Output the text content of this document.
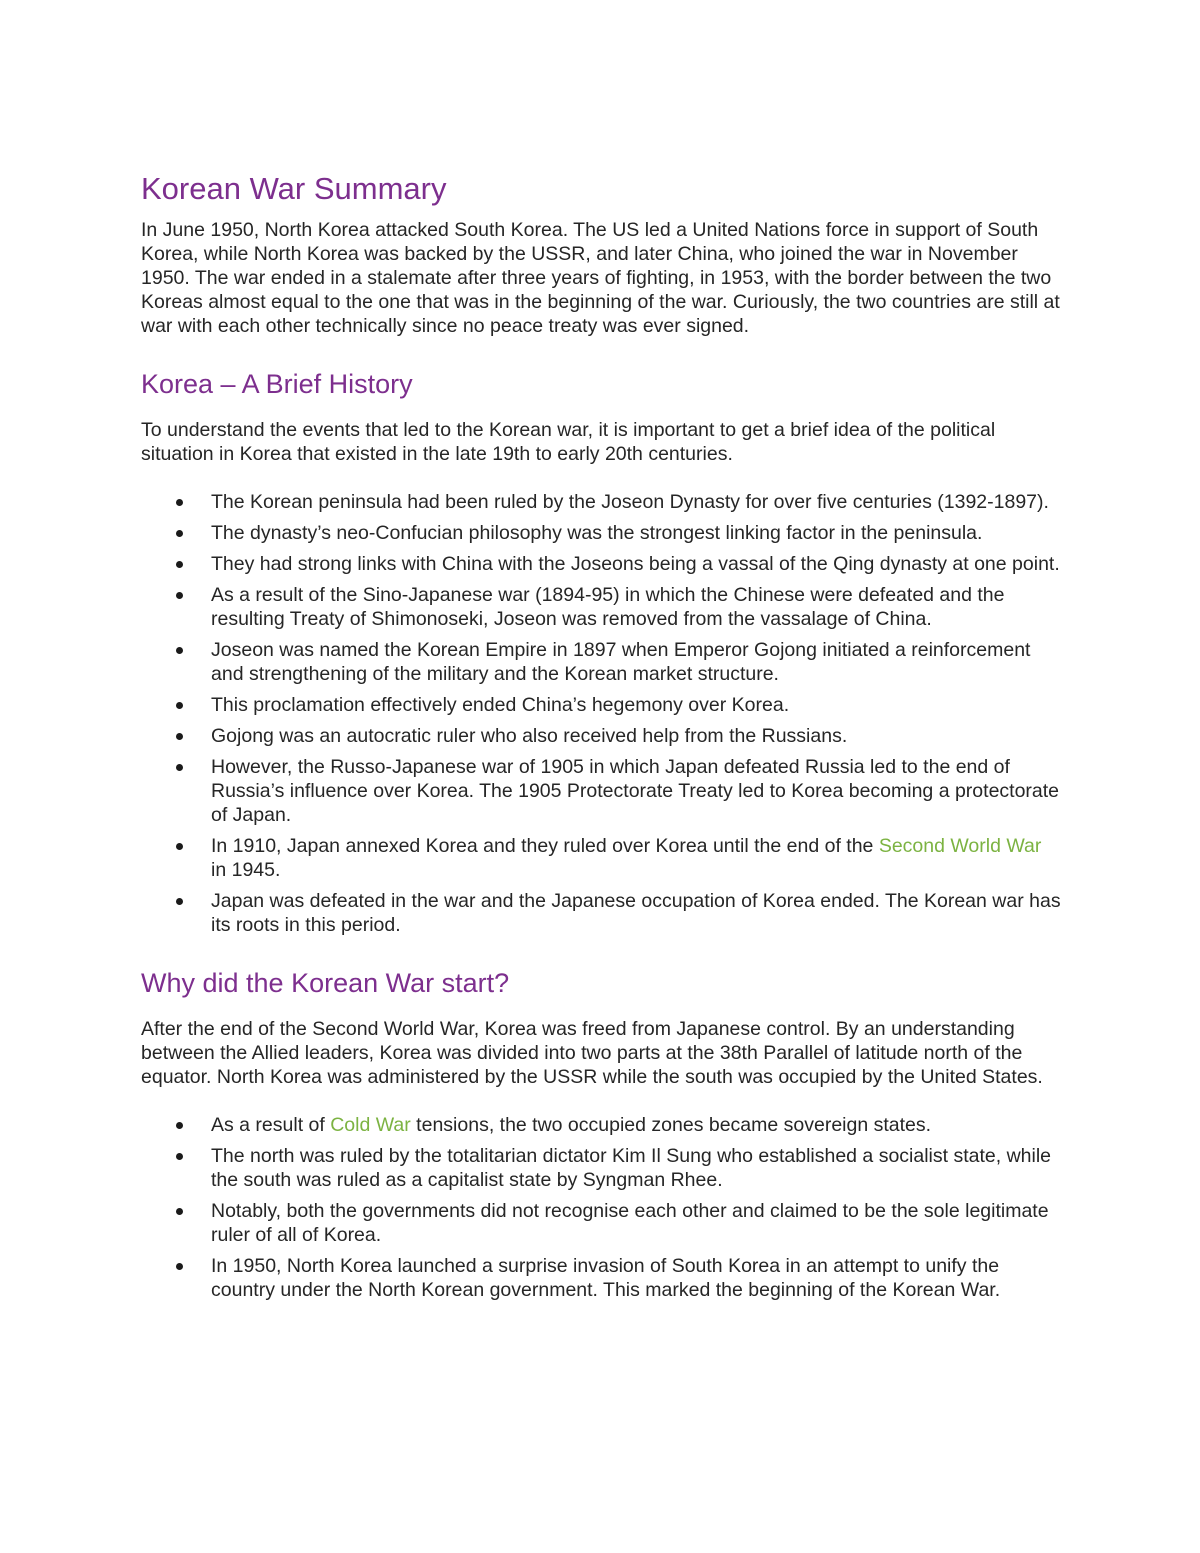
Korean War Summary

In June 1950, North Korea attacked South Korea. The US led a United Nations force in support of South Korea, while North Korea was backed by the USSR, and later China, who joined the war in November 1950. The war ended in a stalemate after three years of fighting, in 1953, with the border between the two Koreas almost equal to the one that was in the beginning of the war. Curiously, the two countries are still at war with each other technically since no peace treaty was ever signed.

Korea – A Brief History

To understand the events that led to the Korean war, it is important to get a brief idea of the political situation in Korea that existed in the late 19th to early 20th centuries.

The Korean peninsula had been ruled by the Joseon Dynasty for over five centuries (1392-1897).
The dynasty’s neo-Confucian philosophy was the strongest linking factor in the peninsula.
They had strong links with China with the Joseons being a vassal of the Qing dynasty at one point.
As a result of the Sino-Japanese war (1894-95) in which the Chinese were defeated and the resulting Treaty of Shimonoseki, Joseon was removed from the vassalage of China.
Joseon was named the Korean Empire in 1897 when Emperor Gojong initiated a reinforcement and strengthening of the military and the Korean market structure.
This proclamation effectively ended China’s hegemony over Korea.
Gojong was an autocratic ruler who also received help from the Russians.
However, the Russo-Japanese war of 1905 in which Japan defeated Russia led to the end of Russia’s influence over Korea. The 1905 Protectorate Treaty led to Korea becoming a protectorate of Japan.
In 1910, Japan annexed Korea and they ruled over Korea until the end of the Second World War in 1945.
Japan was defeated in the war and the Japanese occupation of Korea ended. The Korean war has its roots in this period.
Why did the Korean War start?

After the end of the Second World War, Korea was freed from Japanese control. By an understanding between the Allied leaders, Korea was divided into two parts at the 38th Parallel of latitude north of the equator. North Korea was administered by the USSR while the south was occupied by the United States.

As a result of Cold War tensions, the two occupied zones became sovereign states.
The north was ruled by the totalitarian dictator Kim Il Sung who established a socialist state, while the south was ruled as a capitalist state by Syngman Rhee.
Notably, both the governments did not recognise each other and claimed to be the sole legitimate ruler of all of Korea.
In 1950, North Korea launched a surprise invasion of South Korea in an attempt to unify the country under the North Korean government. This marked the beginning of the Korean War.
